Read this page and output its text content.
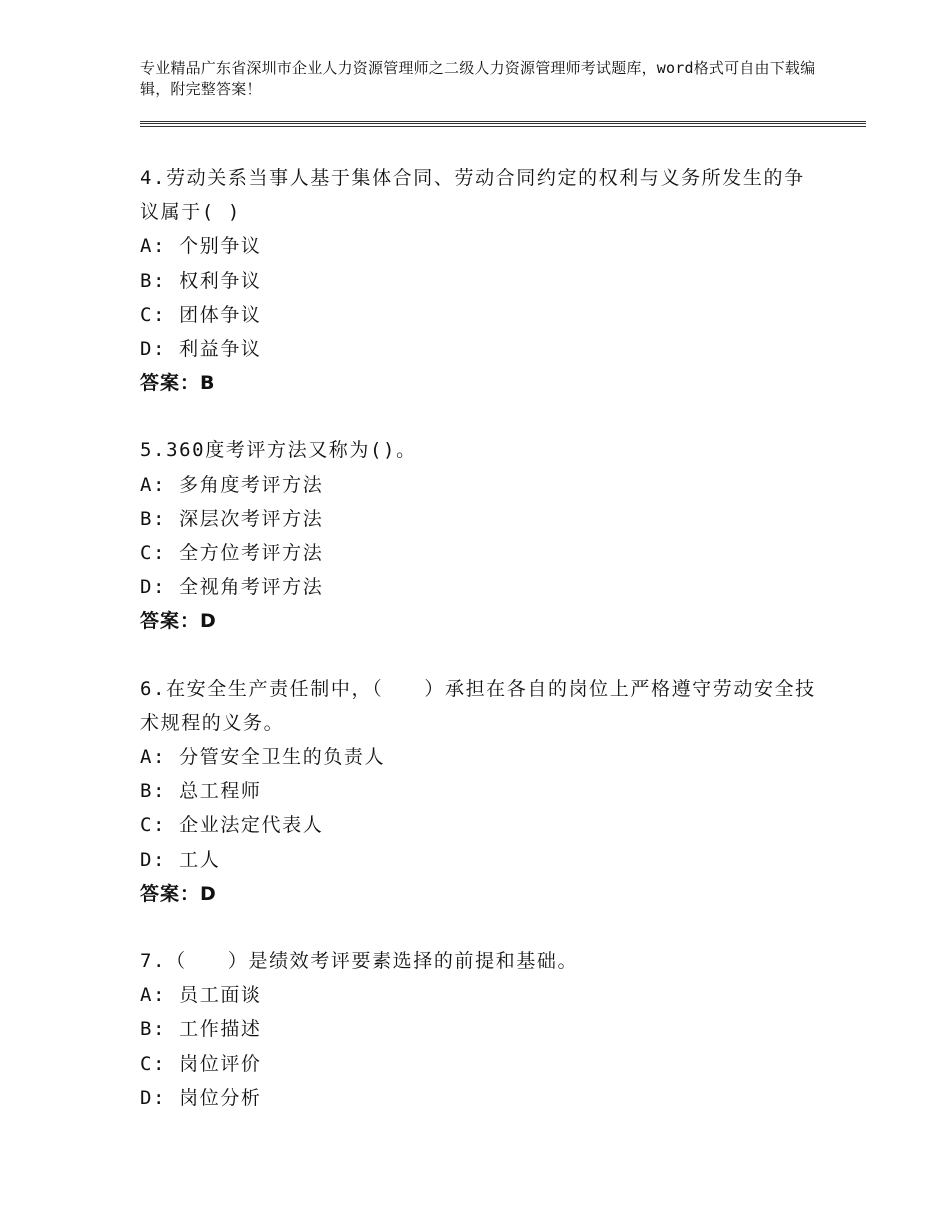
专业精品广东省深圳市企业人力资源管理师之二级人力资源管理师考试题库，word格式可自由下载编辑，附完整答案！
4.劳动关系当事人基于集体合同、劳动合同约定的权利与义务所发生的争议属于( )
A: 个别争议
B: 权利争议
C: 团体争议
D: 利益争议
答案：B
5.360度考评方法又称为()。
A: 多角度考评方法
B: 深层次考评方法
C: 全方位考评方法
D: 全视角考评方法
答案：D
6.在安全生产责任制中，（　　）承担在各自的岗位上严格遵守劳动安全技术规程的义务。
A: 分管安全卫生的负责人
B: 总工程师
C: 企业法定代表人
D: 工人
答案：D
7.（　　）是绩效考评要素选择的前提和基础。
A: 员工面谈
B: 工作描述
C: 岗位评价
D: 岗位分析
